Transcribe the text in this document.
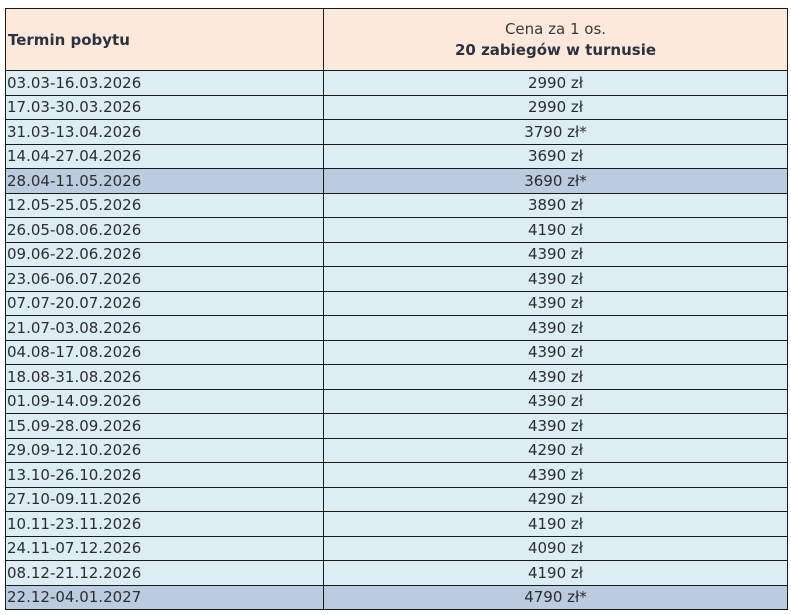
Termin pobytu	Cena za 1 os.
20 zabiegów w turnusie

03.03-16.03.2026	2990 zł
17.03-30.03.2026	2990 zł
31.03-13.04.2026	3790 zł*
14.04-27.04.2026	3690 zł
28.04-11.05.2026	3690 zł*
12.05-25.05.2026	3890 zł
26.05-08.06.2026	4190 zł
09.06-22.06.2026	4390 zł
23.06-06.07.2026	4390 zł
07.07-20.07.2026	4390 zł
21.07-03.08.2026	4390 zł
04.08-17.08.2026	4390 zł
18.08-31.08.2026	4390 zł
01.09-14.09.2026	4390 zł
15.09-28.09.2026	4390 zł
29.09-12.10.2026	4290 zł
13.10-26.10.2026	4390 zł
27.10-09.11.2026	4290 zł
10.11-23.11.2026	4190 zł
24.11-07.12.2026	4090 zł
08.12-21.12.2026	4190 zł
22.12-04.01.2027	4790 zł*
